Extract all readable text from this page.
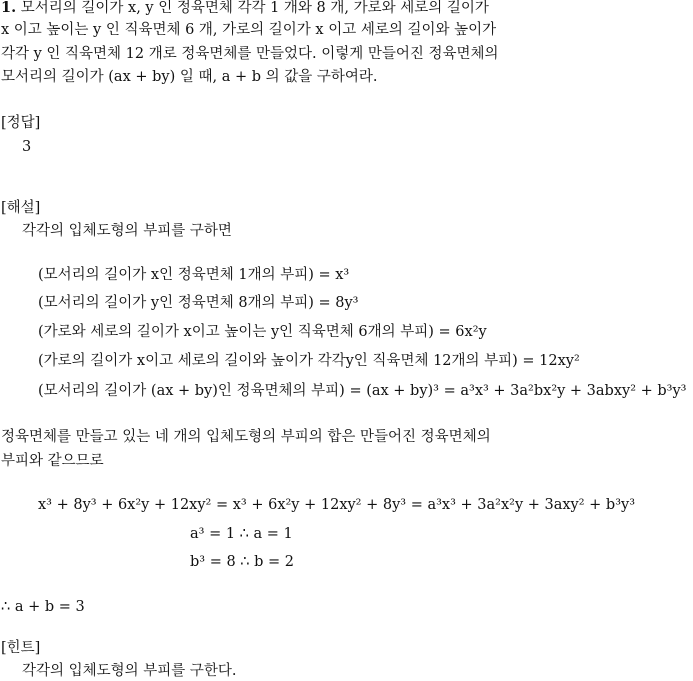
1. 모서리의 길이가 x, y 인 정육면체 각각 1 개와 8 개, 가로와 세로의 길이가
x 이고 높이는 y 인 직육면체 6 개, 가로의 길이가 x 이고 세로의 길이와 높이가
각각 y 인 직육면체 12 개로 정육면체를 만들었다. 이렇게 만들어진 정육면체의
모서리의 길이가 (ax + by) 일 때, a + b 의 값을 구하여라.
[정답]
3
[해설]
각각의 입체도형의 부피를 구하면
(모서리의 길이가 x인 정육면체 1개의 부피) = x³
(모서리의 길이가 y인 정육면체 8개의 부피) = 8y³
(가로와 세로의 길이가 x이고 높이는 y인 직육면체 6개의 부피) = 6x²y
(가로의 길이가 x이고 세로의 길이와 높이가 각각y인 직육면체 12개의 부피) = 12xy²
(모서리의 길이가 (ax + by)인 정육면체의 부피) = (ax + by)³ = a³x³ + 3a²bx²y + 3abxy² + b³y³
정육면체를 만들고 있는 네 개의 입체도형의 부피의 합은 만들어진 정육면체의
부피와 같으므로
x³ + 8y³ + 6x²y + 12xy² = x³ + 6x²y + 12xy² + 8y³ = a³x³ + 3a²x²y + 3axy² + b³y³
a³ = 1 ∴ a = 1
b³ = 8 ∴ b = 2
∴ a + b = 3
[힌트]
각각의 입체도형의 부피를 구한다.
